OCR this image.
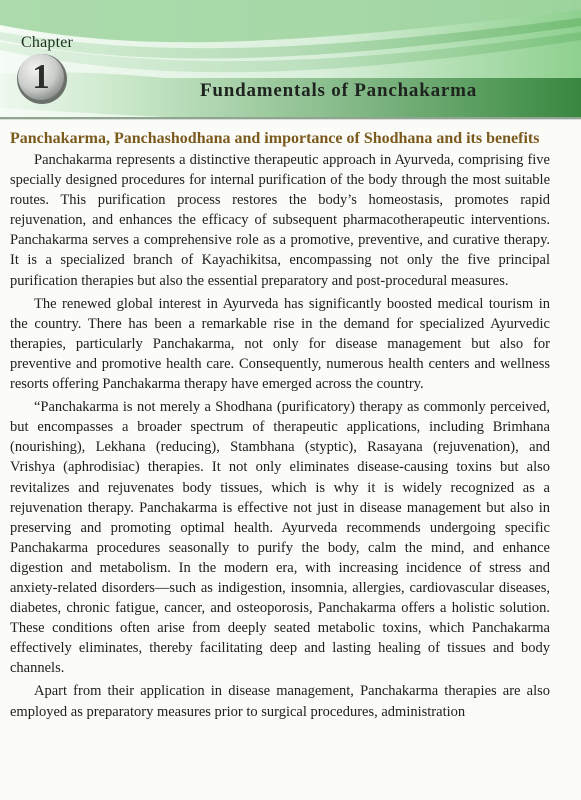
Chapter
1	Fundamentals of Panchakarma
Panchakarma, Panchashodhana and importance of Shodhana and its benefits

Panchakarma represents a distinctive therapeutic approach in Ayurveda, comprising five specially designed procedures for internal purification of the body through the most suitable routes. This purification process restores the body’s homeostasis, promotes rapid rejuvenation, and enhances the efficacy of subsequent pharmacotherapeutic interventions. Panchakarma serves a comprehensive role as a promotive, preventive, and curative therapy. It is a specialized branch of Kayachikitsa, encompassing not only the five principal purification therapies but also the essential preparatory and post-procedural measures.

The renewed global interest in Ayurveda has significantly boosted medical tourism in the country. There has been a remarkable rise in the demand for specialized Ayurvedic therapies, particularly Panchakarma, not only for disease management but also for preventive and promotive health care. Consequently, numerous health centers and wellness resorts offering Panchakarma therapy have emerged across the country.

“Panchakarma is not merely a Shodhana (purificatory) therapy as commonly perceived, but encompasses a broader spectrum of therapeutic applications, including Brimhana (nourishing), Lekhana (reducing), Stambhana (styptic), Rasayana (rejuvenation), and Vrishya (aphrodisiac) therapies. It not only eliminates disease-causing toxins but also revitalizes and rejuvenates body tissues, which is why it is widely recognized as a rejuvenation therapy. Panchakarma is effective not just in disease management but also in preserving and promoting optimal health. Ayurveda recommends undergoing specific Panchakarma procedures seasonally to purify the body, calm the mind, and enhance digestion and metabolism. In the modern era, with increasing incidence of stress and anxiety-related disorders—such as indigestion, insomnia, allergies, cardiovascular diseases, diabetes, chronic fatigue, cancer, and osteoporosis, Panchakarma offers a holistic solution. These conditions often arise from deeply seated metabolic toxins, which Panchakarma effectively eliminates, thereby facilitating deep and lasting healing of tissues and body channels.

Apart from their application in disease management, Panchakarma therapies are also employed as preparatory measures prior to surgical procedures, administration
